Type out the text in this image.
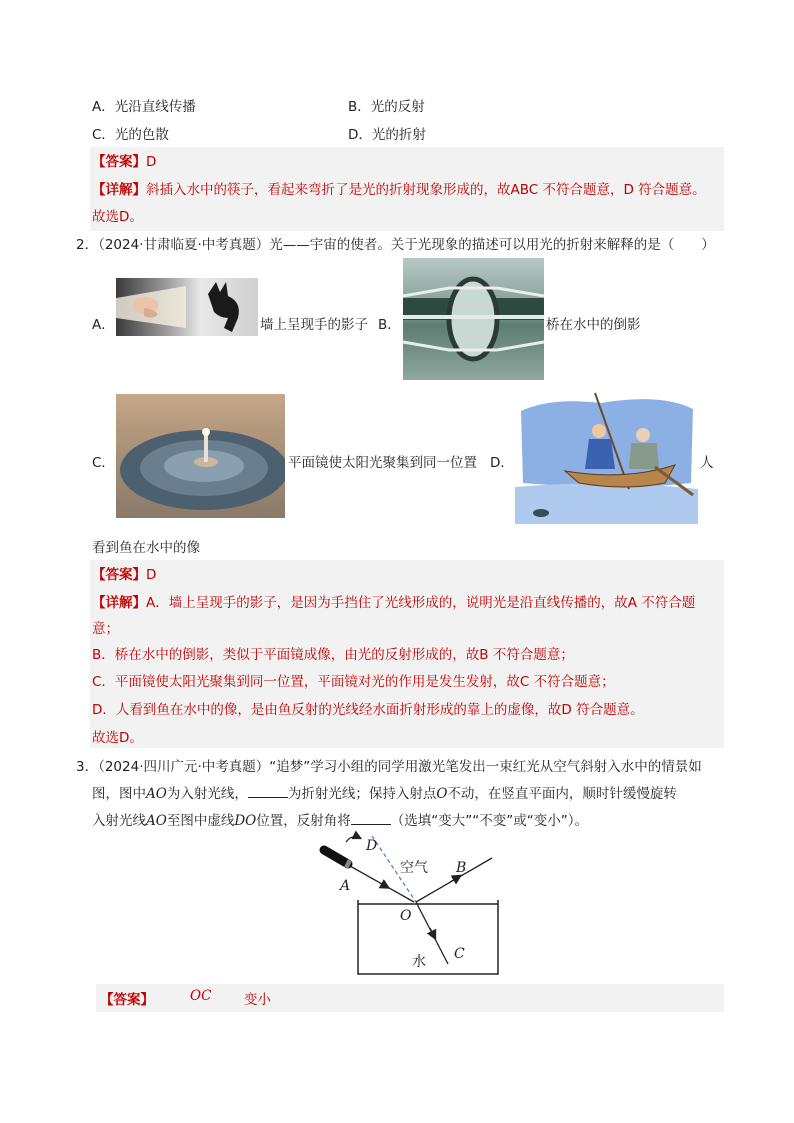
A．光沿直线传播	B．光的反射
C．光的色散	D．光的折射
【答案】D
【详解】斜插入水中的筷子，看起来弯折了是光的折射现象形成的，故ABC 不符合题意，D 符合题意。
故选D。
2．（2024·甘肃临夏·中考真题）光——宇宙的使者。关于光现象的描述可以用光的折射来解释的是（　　）
A．	墙上呈现手的影子 B．	桥在水中的倒影
C．	平面镜使太阳光聚集到同一位置 D．	人
看到鱼在水中的像
【答案】D
【详解】A．墙上呈现手的影子，是因为手挡住了光线形成的，说明光是沿直线传播的，故A 不符合题
意；
B．桥在水中的倒影，类似于平面镜成像，由光的反射形成的，故B 不符合题意；
C．平面镜使太阳光聚集到同一位置，平面镜对光的作用是发生发射，故C 不符合题意；
D．人看到鱼在水中的像，是由鱼反射的光线经水面折射形成的靠上的虚像，故D 符合题意。
故选D。
3．（2024·四川广元·中考真题）“追梦”学习小组的同学用激光笔发出一束红光从空气斜射入水中的情景如
图，图中AO为入射光线，	为折射光线；保持入射点O不动，在竖直平面内，顺时针缓慢旋转
入射光线AO至图中虚线DO位置，反射角将	（选填“变大”“不变”或“变小”）。
D
空气 B
A
O
水 C
【答案】	OC 变小
